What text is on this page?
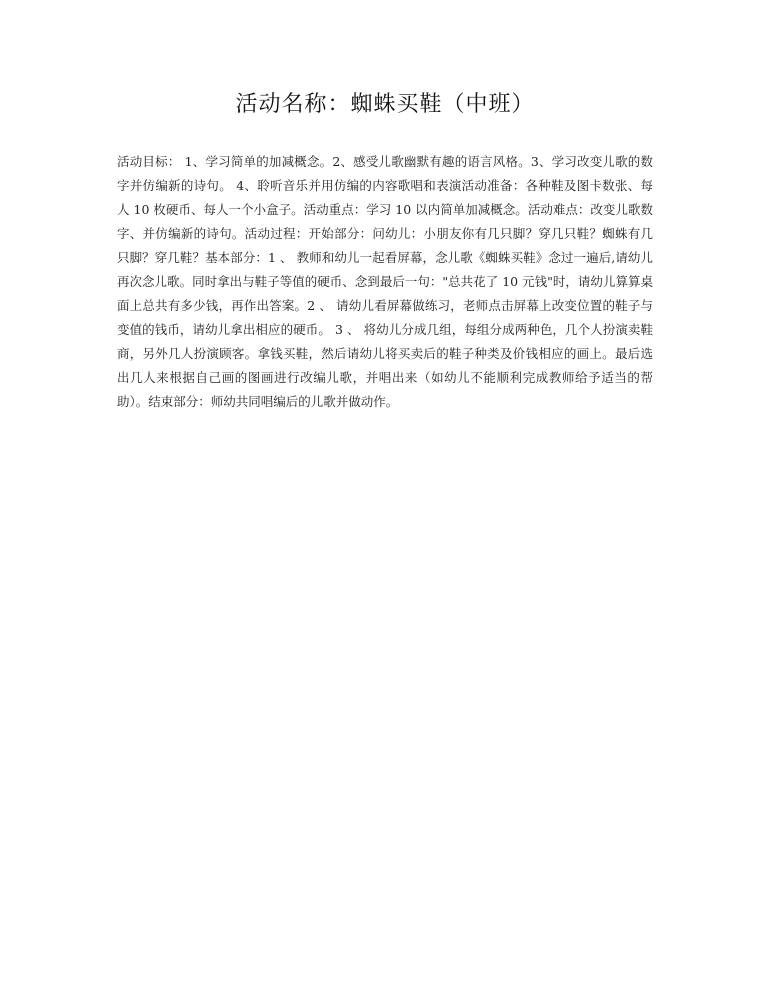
活动名称：蜘蛛买鞋（中班）

活动目标： 1、学习简单的加减概念。2、感受儿歌幽默有趣的语言风格。3、学习改变儿歌的数字并仿编新的诗句。 4、聆听音乐并用仿编的内容歌唱和表演活动准备：各种鞋及图卡数张、每人 10 枚硬币、每人一个小盒子。活动重点：学习 10 以内简单加减概念。活动难点：改变儿歌数字、并仿编新的诗句。活动过程：开始部分：问幼儿：小朋友你有几只脚？穿几只鞋？蜘蛛有几只脚？穿几鞋？基本部分：1 、 教师和幼儿一起看屏幕，念儿歌《蜘蛛买鞋》念过一遍后,请幼儿再次念儿歌。同时拿出与鞋子等值的硬币、念到最后一句："总共花了 10 元钱"时，请幼儿算算桌面上总共有多少钱，再作出答案。2 、 请幼儿看屏幕做练习，老师点击屏幕上改变位置的鞋子与变值的钱币，请幼儿拿出相应的硬币。 3 、 将幼儿分成几组，每组分成两种色，几个人扮演卖鞋商，另外几人扮演顾客。拿钱买鞋，然后请幼儿将买卖后的鞋子种类及价钱相应的画上。最后选出几人来根据自己画的图画进行改编儿歌，并唱出来（如幼儿不能顺利完成教师给予适当的帮助）。结束部分：师幼共同唱编后的儿歌并做动作。
